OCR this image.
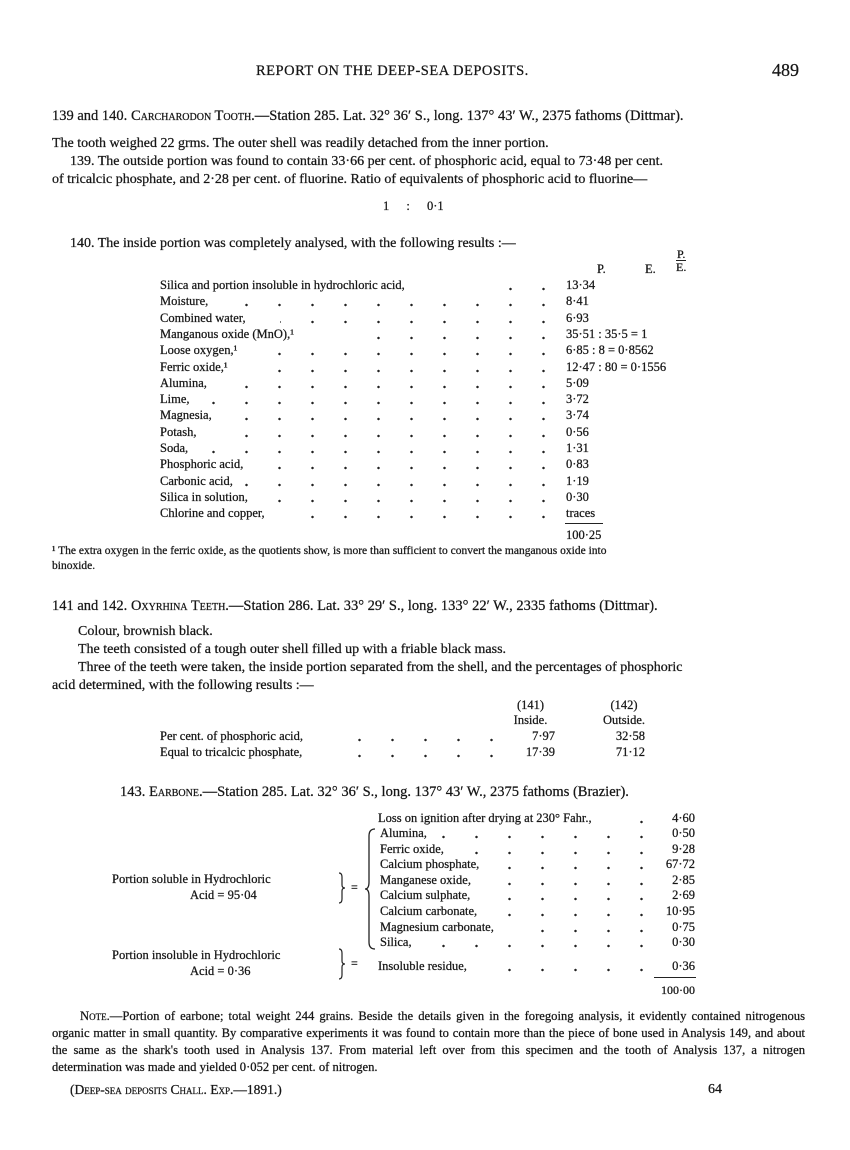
REPORT ON THE DEEP-SEA DEPOSITS.	489
139 and 140. Carcharodon Tooth.—Station 285. Lat. 32° 36′ S., long. 137° 43′ W., 2375 fathoms (Dittmar).
The tooth weighed 22 grms. The outer shell was readily detached from the inner portion.
139. The outside portion was found to contain 33·66 per cent. of phosphoric acid, equal to 73·48 per cent.
of tricalcic phosphate, and 2·28 per cent. of fluorine. Ratio of equivalents of phosphoric acid to fluorine—
1 : 0·1
140. The inside portion was completely analysed, with the following results :—
P.	E. $\frac{P.}{E.}$
Silica and portion insoluble in hydrochloric acid,	13·34
Moisture,	8·41
Combined water,	6·93
Manganous oxide (MnO),¹	35·51 : 35·5 = 1
Loose oxygen,¹	6·85 : 8 = 0·8562
Ferric oxide,¹	12·47 : 80 = 0·1556
Alumina,	5·09
Lime,	3·72
Magnesia,	3·74
Potash,	0·56
Soda,	1·31
Phosphoric acid,	0·83
Carbonic acid,	1·19
Silica in solution,	0·30
Chlorine and copper,	traces
100·25
¹ The extra oxygen in the ferric oxide, as the quotients show, is more than sufficient to convert the manganous oxide into
binoxide.
141 and 142. Oxyrhina Teeth.—Station 286. Lat. 33° 29′ S., long. 133° 22′ W., 2335 fathoms (Dittmar).
Colour, brownish black.
The teeth consisted of a tough outer shell filled up with a friable black mass.
Three of the teeth were taken, the inside portion separated from the shell, and the percentages of phosphoric
acid determined, with the following results :—
(141)
Inside.
(142)
Outside.
Per cent. of phosphoric acid,	7·97	32·58
Equal to tricalcic phosphate,	17·39	71·12
143. Earbone.—Station 285. Lat. 32° 36′ S., long. 137° 43′ W., 2375 fathoms (Brazier).
Loss on ignition after drying at 230° Fahr.,	4·60
Portion soluble in Hydrochloric
Acid = 95·04
=
Alumina,	0·50
Ferric oxide,	9·28
Calcium phosphate,	67·72
Manganese oxide,	2·85
Calcium sulphate,	2·69
Calcium carbonate,	10·95
Magnesium carbonate,	0·75
Silica,	0·30
Portion insoluble in Hydrochloric
Acid = 0·36
= Insoluble residue,	0·36
100·00
Note.—Portion of earbone; total weight 244 grains. Beside the details given in the foregoing analysis, it evidently contained nitrogenous organic matter in small quantity. By comparative experiments it was found to contain more than the piece of bone used in Analysis 149, and about the same as the shark's tooth used in Analysis 137. From material left over from this specimen and the tooth of Analysis 137, a nitrogen determination was made and yielded 0·052 per cent. of nitrogen.
(Deep-sea deposits Chall. Exp.—1891.)	64
